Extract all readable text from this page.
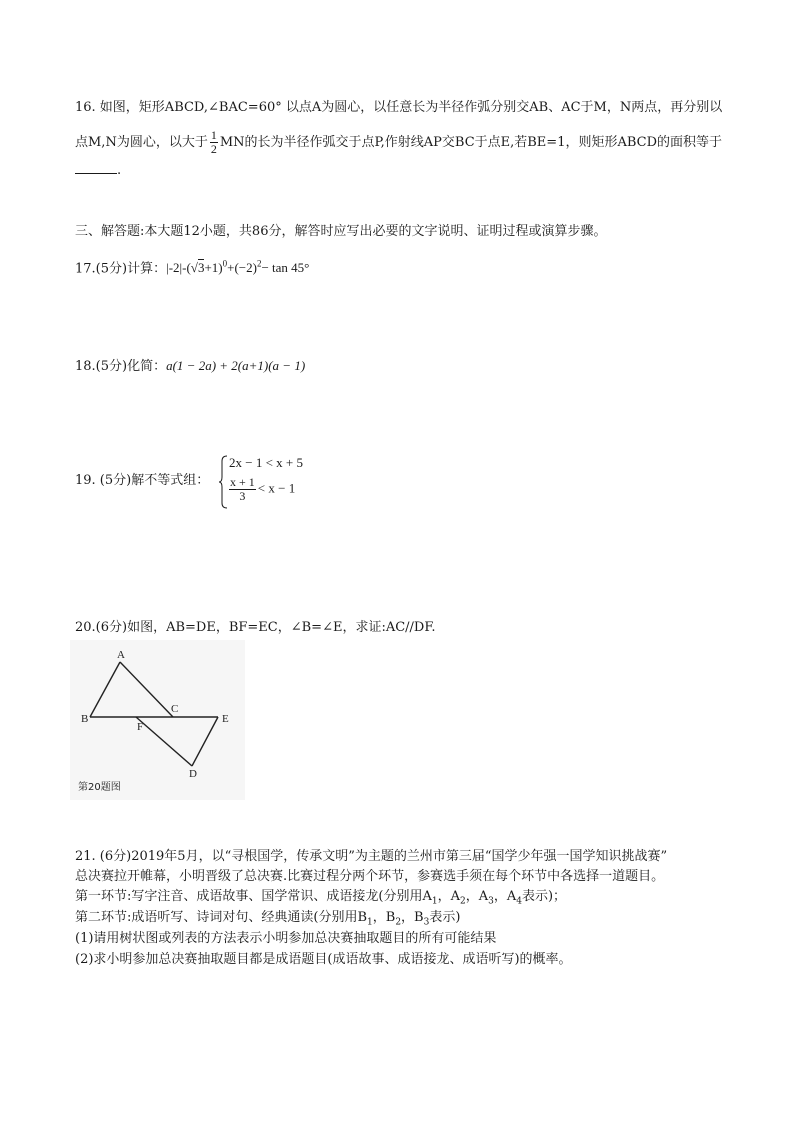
16. 如图，矩形ABCD,∠BAC=60° 以点A为圆心，以任意长为半径作弧分别交AB、AC于M，N两点，再分别以
点M,N为圆心，以大于 $\frac{1}{2}$ MN的长为半径作弧交于点P,作射线AP交BC于点E,若BE=1，则矩形ABCD的面积等于
.
三、解答题:本大题12小题，共86分，解答时应写出必要的文字说明、证明过程或演算步骤。
17.(5分)计算：$|-2|-(√3+1)^0+(-2)^2- \tan 45^\circ$
18.(5分)化简：a(1 − 2a) + 2(a+1)(a − 1)
19. (5分)解不等式组：
2x − 1 < x + 5
$\frac{x + 1}{3} < x - 1$
20.(6分)如图，AB=DE，BF=EC，∠B=∠E，求证:AC//DF.
A
B
C
D
E
F
第20题图
21. (6分)2019年5月，以“寻根国学，传承文明”为主题的兰州市第三届“国学少年强一国学知识挑战赛”
总决赛拉开帷幕，小明晋级了总决赛.比赛过程分两个环节，参赛选手须在每个环节中各选择一道题目。
第一环节:写字注音、成语故事、国学常识、成语接龙(分别用$A_1$，$A_2$，$A_3$，$A_4$表示)；
第二环节:成语听写、诗词对句、经典通读(分别用$B_1$，$B_2$，$B_3$表示)
(1)请用树状图或列表的方法表示小明参加总决赛抽取题目的所有可能结果
(2)求小明参加总决赛抽取题目都是成语题目(成语故事、成语接龙、成语听写)的概率。
